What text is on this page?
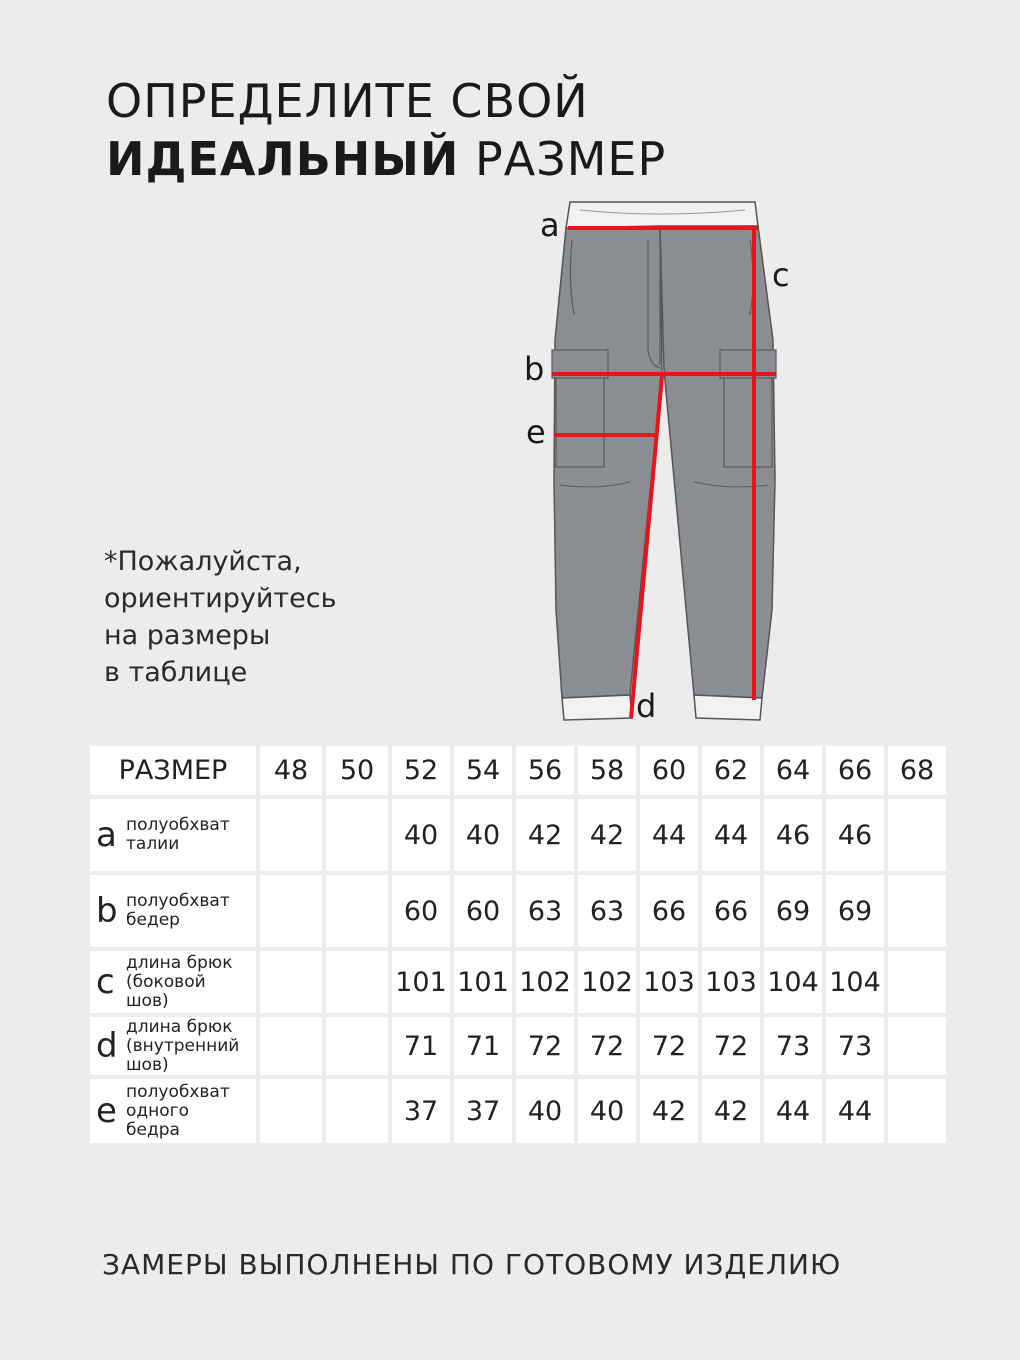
ОПРЕДЕЛИТЕ СВОЙ
ИДЕАЛЬНЫЙ РАЗМЕР
*Пожалуйста,
ориентируйтесь
на размеры
в таблице
a
c
b
e
d
РАЗМЕР	48	50	52	54	56	58	60	62	64	66	68

a полуобхват
талии			40	40	42	42	44	44	46	46	

b полуобхват
бедер			60	60	63	63	66	66	69	69	

c длина брюк
(боковой
шов)			101	101	102	102	103	103	104	104	

d длина брюк
(внутренний
шов)			71	71	72	72	72	72	73	73	

e полуобхват
одного
бедра			37	37	40	40	42	42	44	44	
ЗАМЕРЫ ВЫПОЛНЕНЫ ПО ГОТОВОМУ ИЗДЕЛИЮ
